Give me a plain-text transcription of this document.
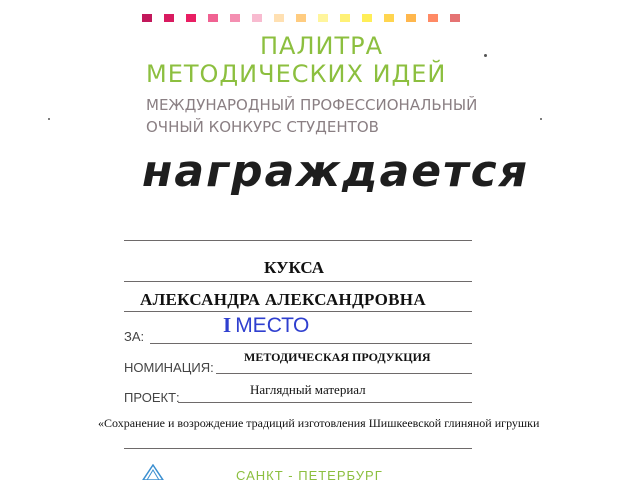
ПАЛИТРА
МЕТОДИЧЕСКИХ ИДЕЙ
МЕЖДУНАРОДНЫЙ ПРОФЕССИОНАЛЬНЫЙ
ОЧНЫЙ КОНКУРС СТУДЕНТОВ
награждается
КУКСА
АЛЕКСАНДРА АЛЕКСАНДРОВНА
ЗА:	I МЕСТО
НОМИНАЦИЯ:
МЕТОДИЧЕСКАЯ ПРОДУКЦИЯ
ПРОЕКТ:
Наглядный материал
«Сохранение и возрождение традиций изготовления Шишкеевской глиняной игрушки
САНКТ - ПЕТЕРБУРГ
